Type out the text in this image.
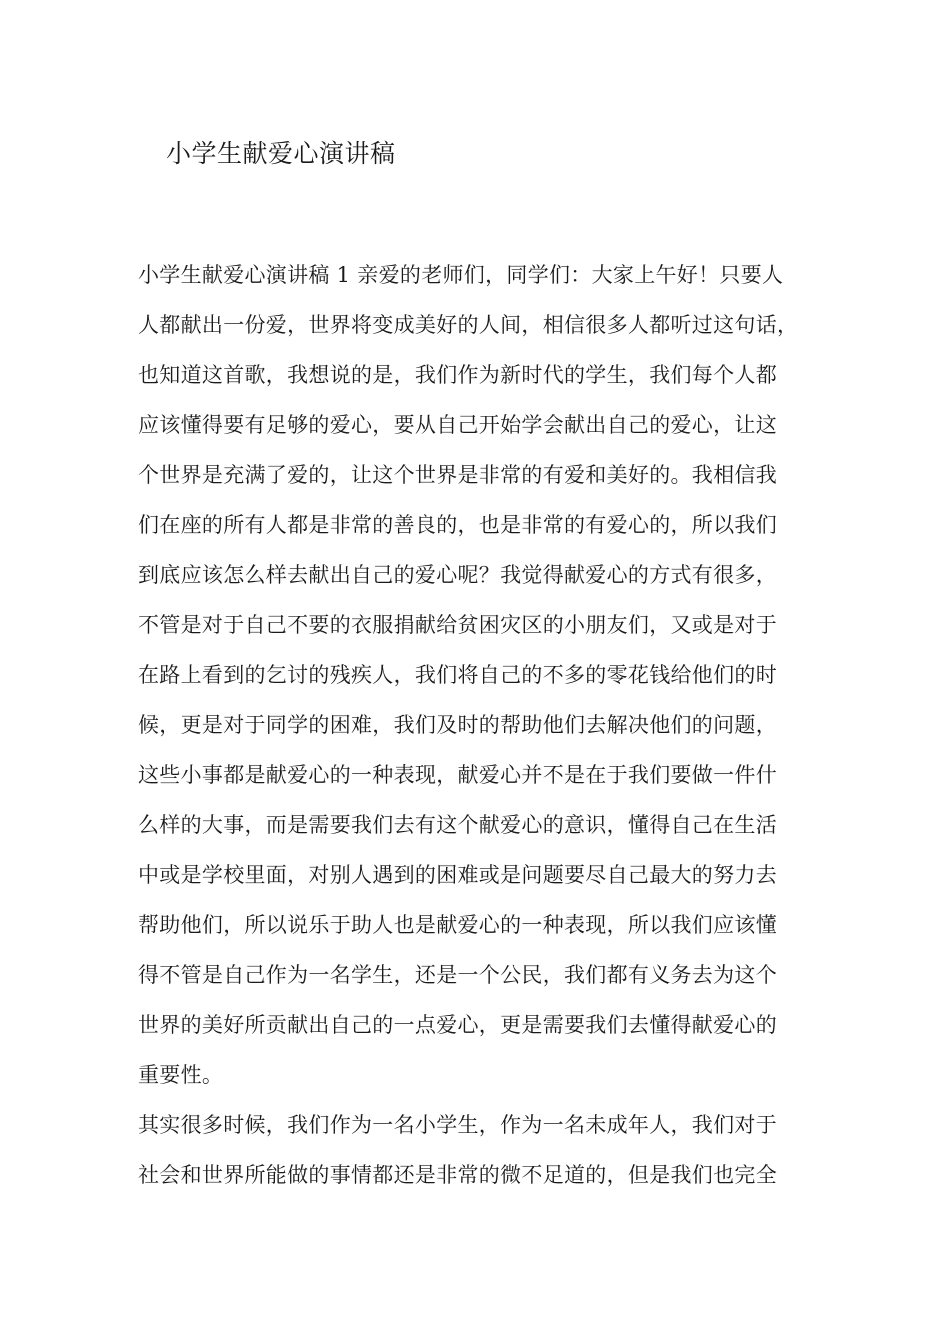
小学生献爱心演讲稿

小学生献爱心演讲稿 1 亲爱的老师们，同学们：大家上午好！只要人
人都献出一份爱，世界将变成美好的人间，相信很多人都听过这句话，
也知道这首歌，我想说的是，我们作为新时代的学生，我们每个人都
应该懂得要有足够的爱心，要从自己开始学会献出自己的爱心，让这
个世界是充满了爱的，让这个世界是非常的有爱和美好的。我相信我
们在座的所有人都是非常的善良的，也是非常的有爱心的，所以我们
到底应该怎么样去献出自己的爱心呢？我觉得献爱心的方式有很多，
不管是对于自己不要的衣服捐献给贫困灾区的小朋友们，又或是对于
在路上看到的乞讨的残疾人，我们将自己的不多的零花钱给他们的时
候，更是对于同学的困难，我们及时的帮助他们去解决他们的问题，
这些小事都是献爱心的一种表现，献爱心并不是在于我们要做一件什
么样的大事，而是需要我们去有这个献爱心的意识，懂得自己在生活
中或是学校里面，对别人遇到的困难或是问题要尽自己最大的努力去
帮助他们，所以说乐于助人也是献爱心的一种表现，所以我们应该懂
得不管是自己作为一名学生，还是一个公民，我们都有义务去为这个
世界的美好所贡献出自己的一点爱心，更是需要我们去懂得献爱心的
重要性。

其实很多时候，我们作为一名小学生，作为一名未成年人，我们对于
社会和世界所能做的事情都还是非常的微不足道的，但是我们也完全
